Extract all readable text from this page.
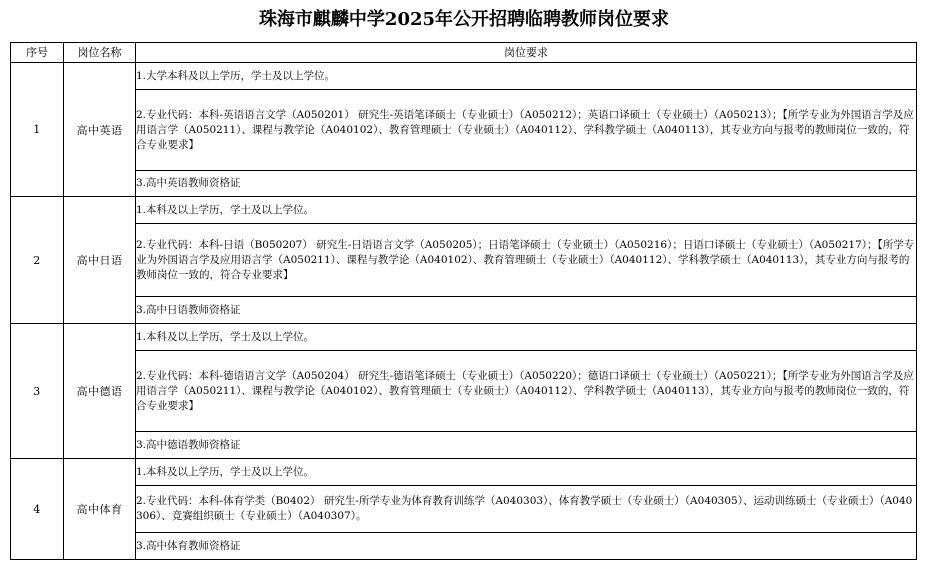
珠海市麒麟中学2025年公开招聘临聘教师岗位要求
序号	岗位名称	岗位要求
1	高中英语	1.大学本科及以上学历，学士及以上学位。

		2.专业代码：本科-英语语言文学（A050201） 研究生-英语笔译硕士（专业硕士）（A050212）；英语口译硕士（专业硕士）（A050213）；【所学专业为外国语言学及应用语言学（A050211）、课程与教学论（A040102）、教育管理硕士（专业硕士）（A040112）、学科教学硕士（A040113），其专业方向与报考的教师岗位一致的，符合专业要求】

		3.高中英语教师资格证

2	高中日语	1.本科及以上学历，学士及以上学位。

		2.专业代码：本科-日语（B050207） 研究生-日语语言文学（A050205）；日语笔译硕士（专业硕士）（A050216）；日语口译硕士（专业硕士）（A050217）；【所学专业为外国语言学及应用语言学（A050211）、课程与教学论（A040102）、教育管理硕士（专业硕士）（A040112）、学科教学硕士（A040113），其专业方向与报考的教师岗位一致的，符合专业要求】

		3.高中日语教师资格证

3	高中德语	1.本科及以上学历，学士及以上学位。

		2.专业代码：本科-德语语言文学（A050204） 研究生-德语笔译硕士（专业硕士）（A050220）；德语口译硕士（专业硕士）（A050221）；【所学专业为外国语言学及应用语言学（A050211）、课程与教学论（A040102）、教育管理硕士（专业硕士）（A040112）、学科教学硕士（A040113），其专业方向与报考的教师岗位一致的，符合专业要求】

		3.高中德语教师资格证

4	高中体育	1.本科及以上学历，学士及以上学位。

		2.专业代码：本科-体育学类（B0402） 研究生-所学专业为体育教育训练学（A040303）、体育教学硕士（专业硕士）（A040305）、运动训练硕士（专业硕士）（A040306）、竞赛组织硕士（专业硕士）（A040307）。

		3.高中体育教师资格证
